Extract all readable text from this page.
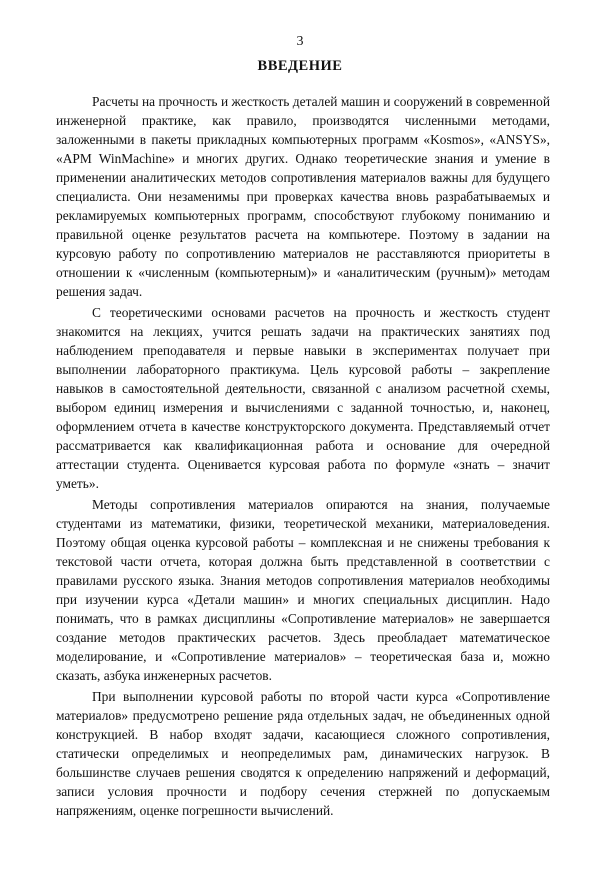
3
ВВЕДЕНИЕ

Расчеты на прочность и жесткость деталей машин и сооружений в современной инженерной практике, как правило, производятся численными методами, заложенными в пакеты прикладных компьютерных программ «Kosmos», «ANSYS», «APM WinMachine» и многих других. Однако теоретические знания и умение в применении аналитических методов сопротивления материалов важны для будущего специалиста. Они незаменимы при проверках качества вновь разрабатываемых и рекламируемых компьютерных программ, способствуют глубокому пониманию и правильной оценке результатов расчета на компьютере. Поэтому в задании на курсовую работу по сопротивлению материалов не расставляются приоритеты в отношении к «численным (компьютерным)» и «аналитическим (ручным)» методам решения задач.

С теоретическими основами расчетов на прочность и жесткость студент знакомится на лекциях, учится решать задачи на практических занятиях под наблюдением преподавателя и первые навыки в экспериментах получает при выполнении лабораторного практикума. Цель курсовой работы – закрепление навыков в самостоятельной деятельности, связанной с анализом расчетной схемы, выбором единиц измерения и вычислениями с заданной точностью, и, наконец, оформлением отчета в качестве конструкторского документа. Представляемый отчет рассматривается как квалификационная работа и основание для очередной аттестации студента. Оценивается курсовая работа по формуле «знать – значит уметь».

Методы сопротивления материалов опираются на знания, получаемые студентами из математики, физики, теоретической механики, материаловедения. Поэтому общая оценка курсовой работы – комплексная и не снижены требования к текстовой части отчета, которая должна быть представленной в соответствии с правилами русского языка. Знания методов сопротивления материалов необходимы при изучении курса «Детали машин» и многих специальных дисциплин. Надо понимать, что в рамках дисциплины «Сопротивление материалов» не завершается создание методов практических расчетов. Здесь преобладает математическое моделирование, и «Сопротивление материалов» – теоретическая база и, можно сказать, азбука инженерных расчетов.

При выполнении курсовой работы по второй части курса «Сопротивление материалов» предусмотрено решение ряда отдельных задач, не объединенных одной конструкцией. В набор входят задачи, касающиеся сложного сопротивления, статически определимых и неопределимых рам, динамических нагрузок. В большинстве случаев решения сводятся к определению напряжений и деформаций, записи условия прочности и подбору сечения стержней по допускаемым напряжениям, оценке погрешности вычислений.
